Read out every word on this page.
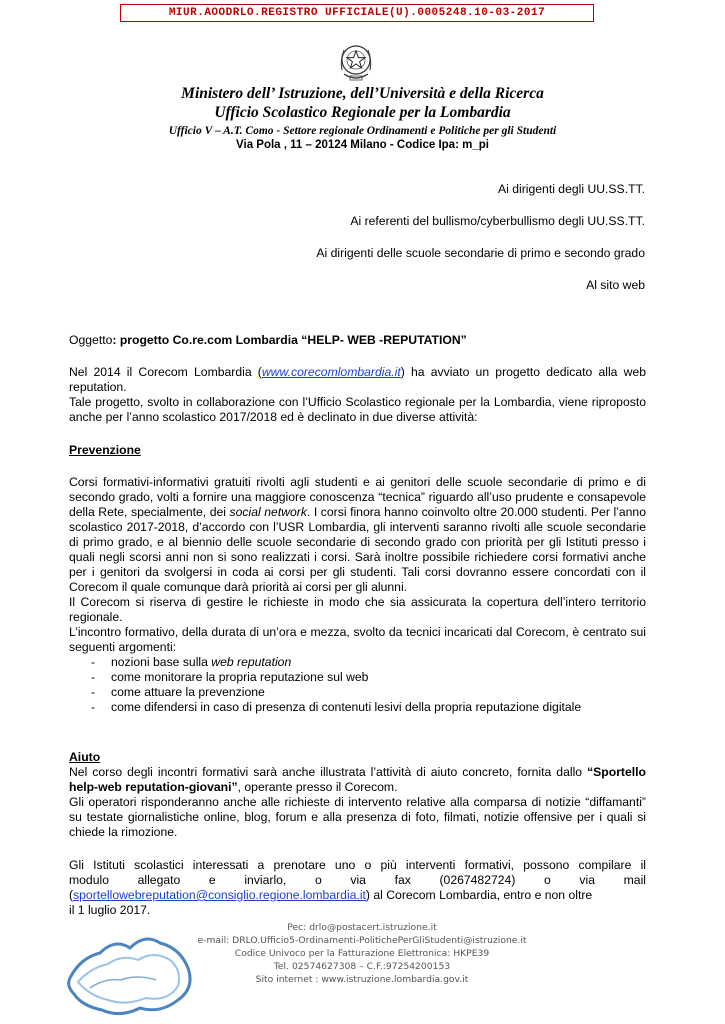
MIUR.AOODRLO.REGISTRO UFFICIALE(U).0005248.10-03-2017
Ministero dell’ Istruzione, dell’Università e della Ricerca
Ufficio Scolastico Regionale per la Lombardia
Ufficio V – A.T. Como - Settore regionale Ordinamenti e Politiche per gli Studenti
Via Pola , 11 – 20124 Milano - Codice Ipa: m_pi
Ai dirigenti degli UU.SS.TT.
Ai referenti del bullismo/cyberbullismo degli UU.SS.TT.
Ai dirigenti delle scuole secondarie di primo e secondo grado
Al sito web
Oggetto: progetto Co.re.com Lombardia “HELP- WEB -REPUTATION”
Nel 2014 il Corecom Lombardia (www.corecomlombardia.it) ha avviato un progetto dedicato alla web reputation.
Tale progetto, svolto in collaborazione con l’Ufficio Scolastico regionale per la Lombardia, viene riproposto anche per l’anno scolastico 2017/2018 ed è declinato in due diverse attività:
Prevenzione
Corsi formativi-informativi gratuiti rivolti agli studenti e ai genitori delle scuole secondarie di primo e di secondo grado, volti a fornire una maggiore conoscenza “tecnica” riguardo all’uso prudente e consapevole della Rete, specialmente, dei social network. I corsi finora hanno coinvolto oltre 20.000 studenti. Per l’anno scolastico 2017-2018, d’accordo con l’USR Lombardia, gli interventi saranno rivolti alle scuole secondarie di primo grado, e al biennio delle scuole secondarie di secondo grado con priorità per gli Istituti presso i quali negli scorsi anni non si sono realizzati i corsi. Sarà inoltre possibile richiedere corsi formativi anche per i genitori da svolgersi in coda ai corsi per gli studenti. Tali corsi dovranno essere concordati con il Corecom il quale comunque darà priorità ai corsi per gli alunni.
Il Corecom si riserva di gestire le richieste in modo che sia assicurata la copertura dell’intero territorio regionale.
L’incontro formativo, della durata di un’ora e mezza, svolto da tecnici incaricati dal Corecom, è centrato sui seguenti argomenti:
- nozioni base sulla web reputation
- come monitorare la propria reputazione sul web
- come attuare la prevenzione
- come difendersi in caso di presenza di contenuti lesivi della propria reputazione digitale
Aiuto
Nel corso degli incontri formativi sarà anche illustrata l’attività di aiuto concreto, fornita dallo “Sportello help-web reputation-giovani”, operante presso il Corecom.
Gli operatori risponderanno anche alle richieste di intervento relative alla comparsa di notizie “diffamanti” su testate giornalistiche online, blog, forum e alla presenza di foto, filmati, notizie offensive per i quali si chiede la rimozione.
Gli Istituti scolastici interessati a prenotare uno o più interventi formativi, possono compilare il
modulo allegato e inviarlo, o via fax (0267482724) o via mail
(sportellowebreputation@consiglio.regione.lombardia.it) al Corecom Lombardia, entro e non oltre
il 1 luglio 2017.
Pec: drlo@postacert.istruzione.it
e-mail: DRLO.Ufficio5-Ordinamenti-PolitichePerGliStudenti@istruzione.it
Codice Univoco per la Fatturazione Elettronica: HKPE39
Tel. 02574627308 – C.F.:97254200153
Sito internet : www.istruzione.lombardia.gov.it
